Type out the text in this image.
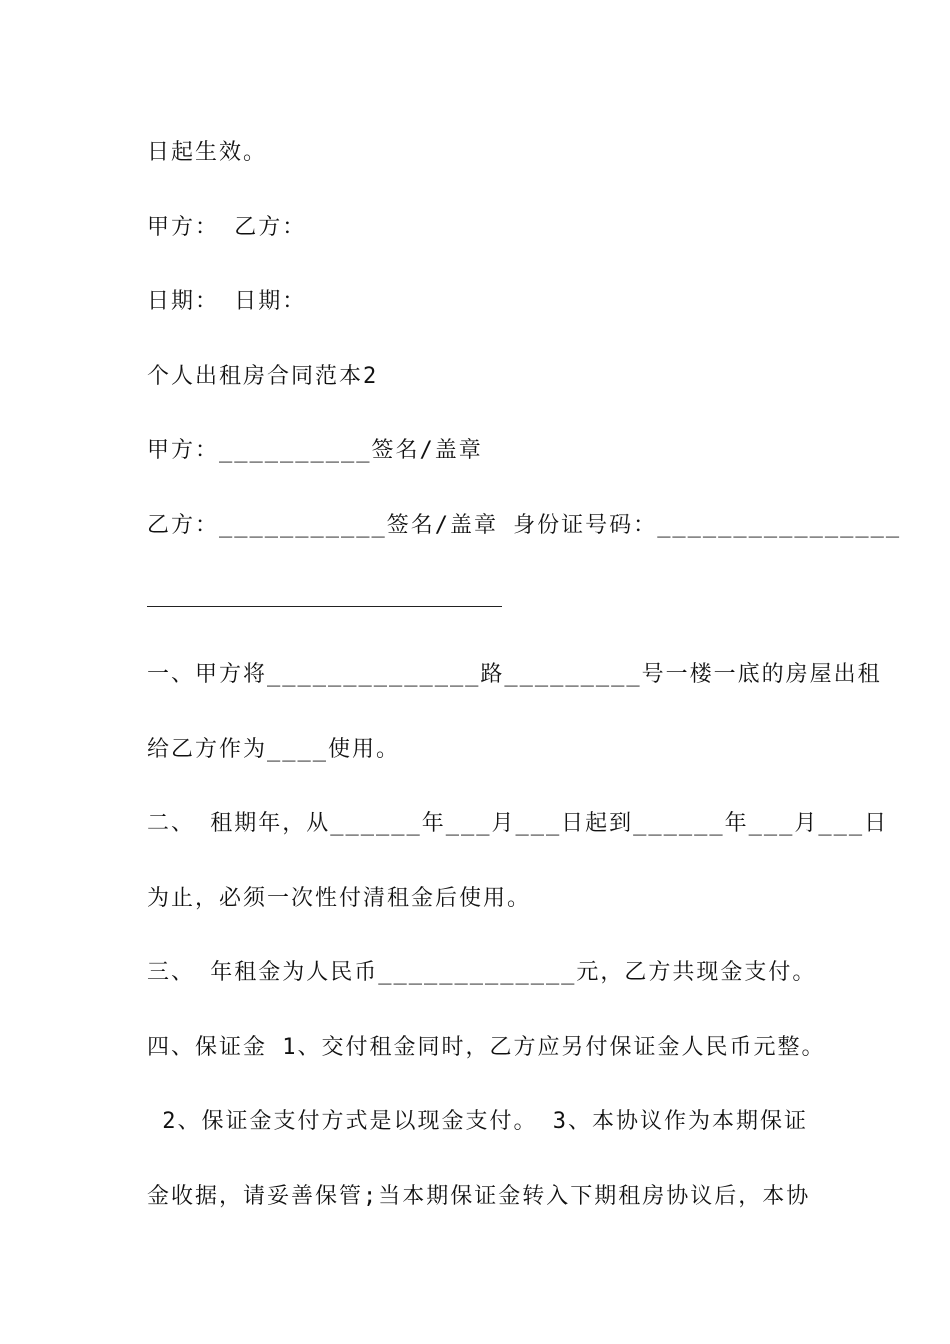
日起生效。
甲方： 乙方：
日期： 日期：
个人出租房合同范本2
甲方：__________签名/盖章
乙方：___________签名/盖章 身份证号码：________________
一、甲方将______________路_________号一楼一底的房屋出租
给乙方作为____使用。
二、 租期年，从______年___月___日起到______年___月___日
为止，必须一次性付清租金后使用。
三、 年租金为人民币_____________元，乙方共现金支付。
四、保证金 1、交付租金同时，乙方应另付保证金人民币元整。
2、保证金支付方式是以现金支付。 3、本协议作为本期保证
金收据，请妥善保管;当本期保证金转入下期租房协议后，本协
